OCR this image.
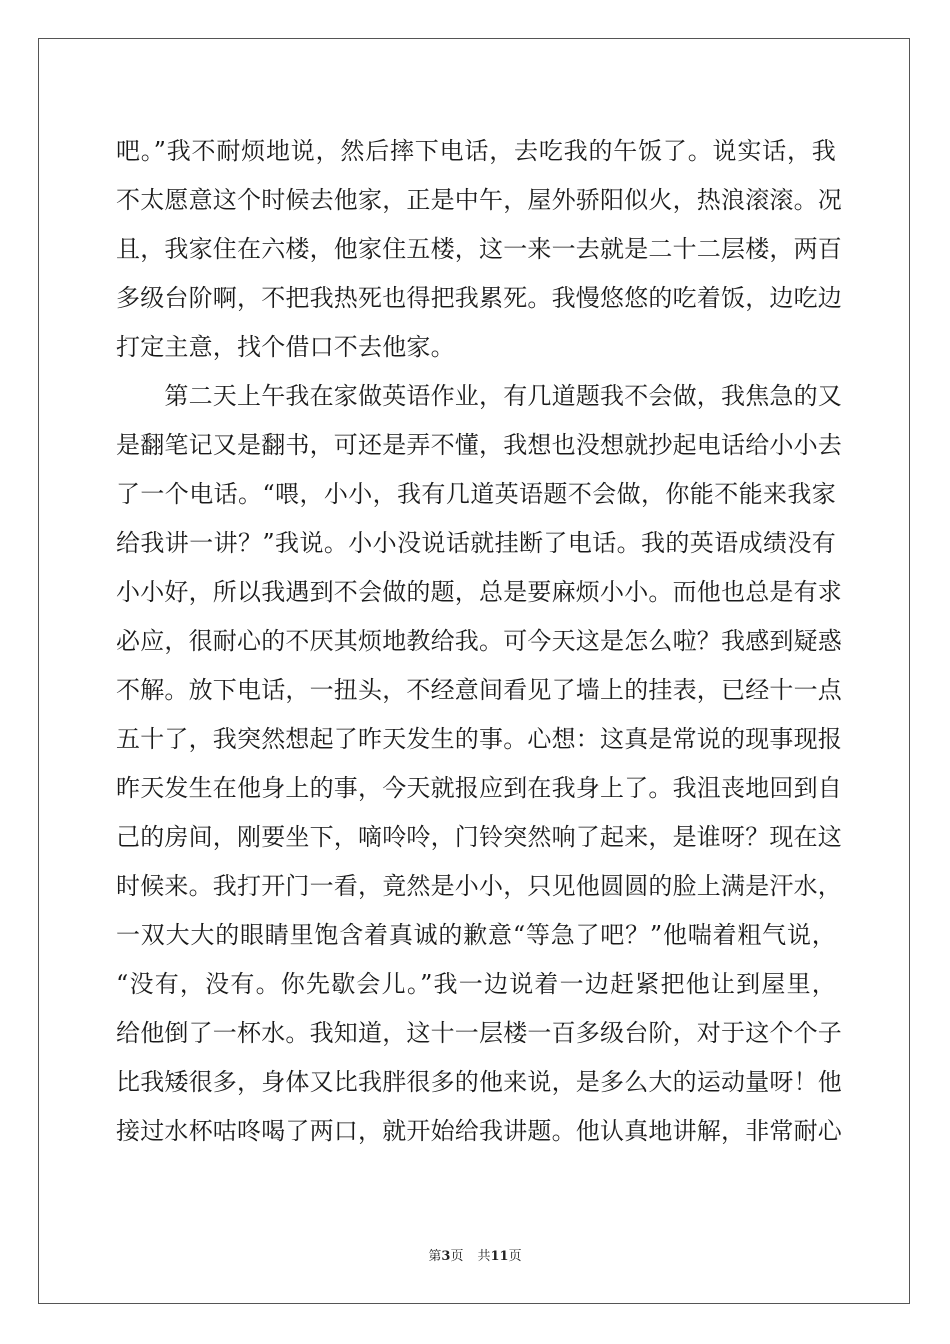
吧。”我不耐烦地说，然后摔下电话，去吃我的午饭了。说实话，我
不太愿意这个时候去他家，正是中午，屋外骄阳似火，热浪滚滚。况
且，我家住在六楼，他家住五楼，这一来一去就是二十二层楼，两百
多级台阶啊，不把我热死也得把我累死。我慢悠悠的吃着饭，边吃边
打定主意，找个借口不去他家。
　　第二天上午我在家做英语作业，有几道题我不会做，我焦急的又
是翻笔记又是翻书，可还是弄不懂，我想也没想就抄起电话给小小去
了一个电话。“喂，小小，我有几道英语题不会做，你能不能来我家
给我讲一讲？”我说。小小没说话就挂断了电话。我的英语成绩没有
小小好，所以我遇到不会做的题，总是要麻烦小小。而他也总是有求
必应，很耐心的不厌其烦地教给我。可今天这是怎么啦？我感到疑惑
不解。放下电话，一扭头，不经意间看见了墙上的挂表，已经十一点
五十了，我突然想起了昨天发生的事。心想：这真是常说的现事现报
昨天发生在他身上的事，今天就报应到在我身上了。我沮丧地回到自
己的房间，刚要坐下，嘀呤呤，门铃突然响了起来，是谁呀？现在这
时候来。我打开门一看，竟然是小小，只见他圆圆的脸上满是汗水，
一双大大的眼睛里饱含着真诚的歉意“等急了吧？”他喘着粗气说，
“没有，没有。你先歇会儿。”我一边说着一边赶紧把他让到屋里，
给他倒了一杯水。我知道，这十一层楼一百多级台阶，对于这个个子
比我矮很多，身体又比我胖很多的他来说，是多么大的运动量呀！他
接过水杯咕咚喝了两口，就开始给我讲题。他认真地讲解，非常耐心
第3页 共11页
